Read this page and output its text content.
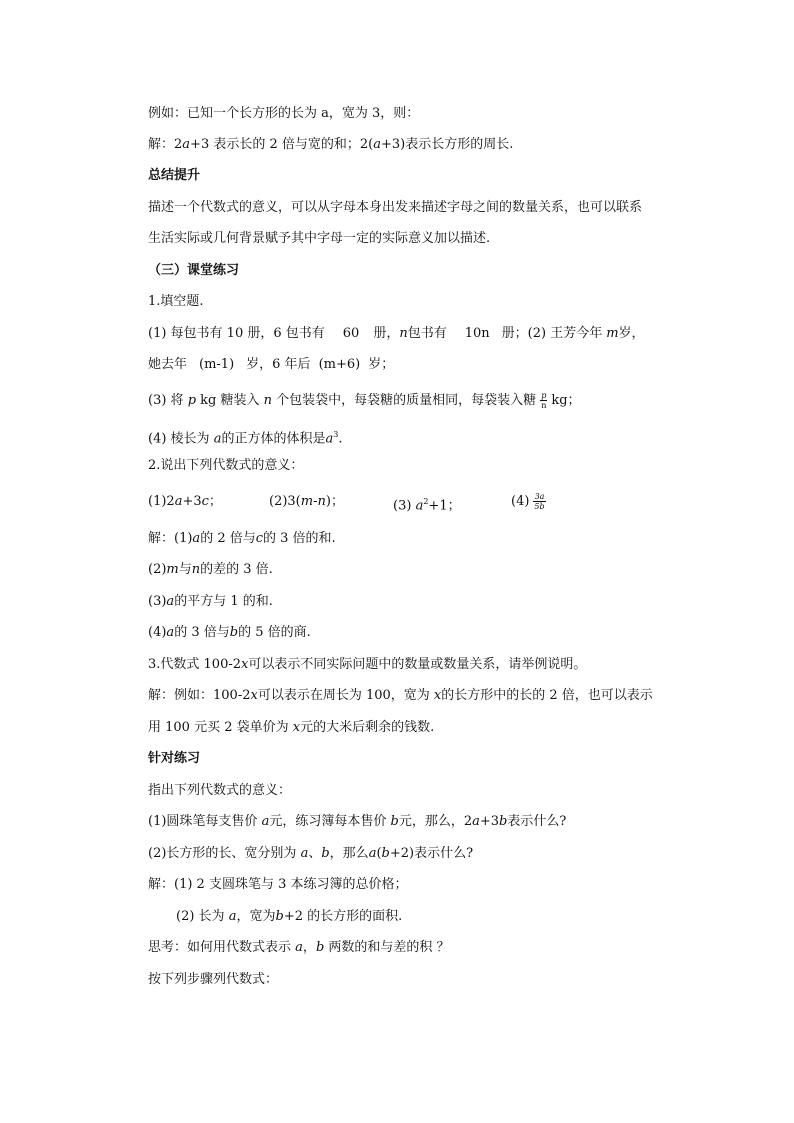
例如：已知一个长方形的长为 a，宽为 3，则：
解：2a+3 表示长的 2 倍与宽的和；2(a+3)表示长方形的周长.
总结提升
描述一个代数式的意义，可以从字母本身出发来描述字母之间的数量关系，也可以联系
生活实际或几何背景赋予其中字母一定的实际意义加以描述.
（三）课堂练习
1.填空题.
(1) 每包书有 10 册，6 包书有 60 册，n包书有 10n 册；(2) 王芳今年 m岁，
她去年 (m-1) 岁，6 年后 (m+6) 岁；
(3) 将 p kg 糖装入 n 个包装袋中，每袋糖的质量相同，每袋装入糖 $\frac{p}{n}$ kg；
(4) 棱长为 a的正方体的体积是$a^3$.
2.说出下列代数式的意义：
(1)2a+3c；	(2)3(m-n)；	(3) $a^2+1$；	$(4) \frac{3a}{5b}$
解：(1)a的 2 倍与c的 3 倍的和.
(2)m与n的差的 3 倍.
(3)a的平方与 1 的和.
(4)a的 3 倍与b的 5 倍的商.
3.代数式 100-2x可以表示不同实际问题中的数量或数量关系，请举例说明。
解：例如：100-2x可以表示在周长为 100，宽为 x的长方形中的长的 2 倍，也可以表示
用 100 元买 2 袋单价为 x元的大米后剩余的钱数.
针对练习
指出下列代数式的意义：
(1)圆珠笔每支售价 a元，练习簿每本售价 b元，那么，2a+3b表示什么?
(2)长方形的长、宽分别为 a、b，那么a(b+2)表示什么?
解：(1) 2 支圆珠笔与 3 本练习簿的总价格；
(2) 长为 a，宽为b+2 的长方形的面积.
思考：如何用代数式表示 a，b 两数的和与差的积 ？
按下列步骤列代数式：
